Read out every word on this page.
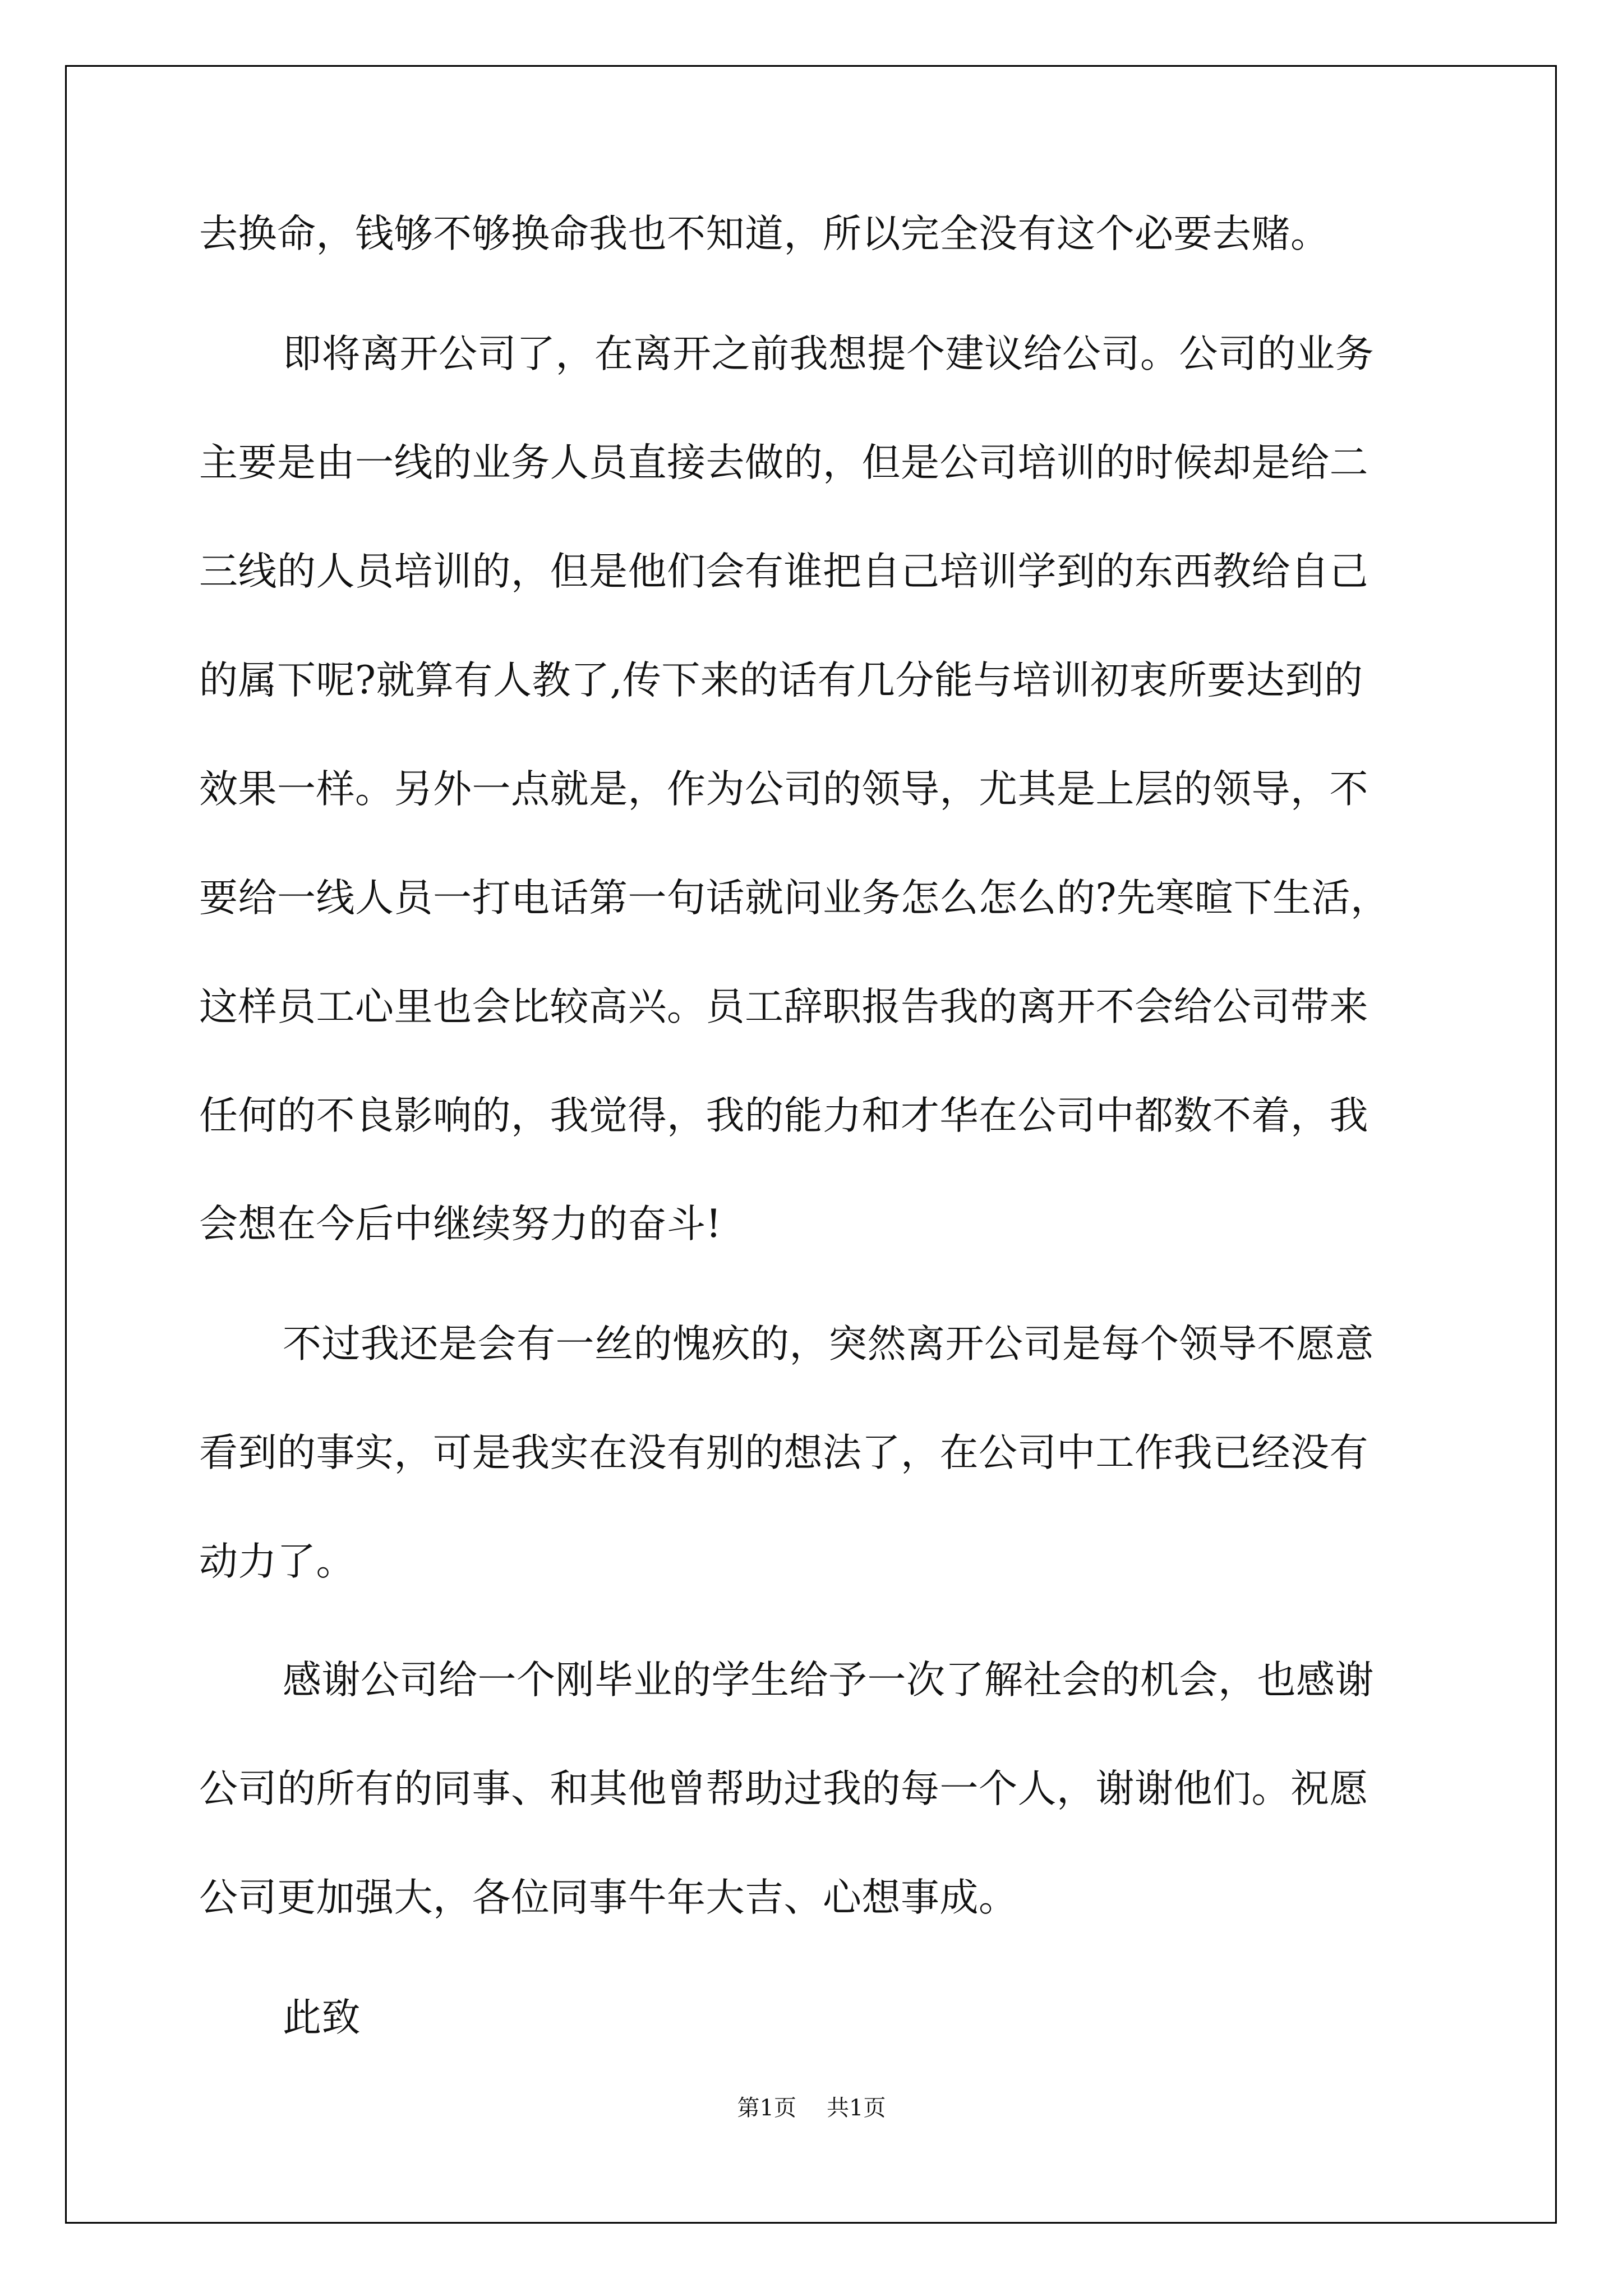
去换命，钱够不够换命我也不知道，所以完全没有这个必要去赌。
即将离开公司了，在离开之前我想提个建议给公司。公司的业务
主要是由一线的业务人员直接去做的，但是公司培训的时候却是给二
三线的人员培训的，但是他们会有谁把自己培训学到的东西教给自己
的属下呢?就算有人教了,传下来的话有几分能与培训初衷所要达到的
效果一样。另外一点就是，作为公司的领导，尤其是上层的领导，不
要给一线人员一打电话第一句话就问业务怎么怎么的?先寒暄下生活，
这样员工心里也会比较高兴。员工辞职报告我的离开不会给公司带来
任何的不良影响的，我觉得，我的能力和才华在公司中都数不着，我
会想在今后中继续努力的奋斗!
不过我还是会有一丝的愧疚的，突然离开公司是每个领导不愿意
看到的事实，可是我实在没有别的想法了，在公司中工作我已经没有
动力了。
感谢公司给一个刚毕业的学生给予一次了解社会的机会，也感谢
公司的所有的同事、和其他曾帮助过我的每一个人，谢谢他们。祝愿
公司更加强大，各位同事牛年大吉、心想事成。
此致
第1页 共1页
